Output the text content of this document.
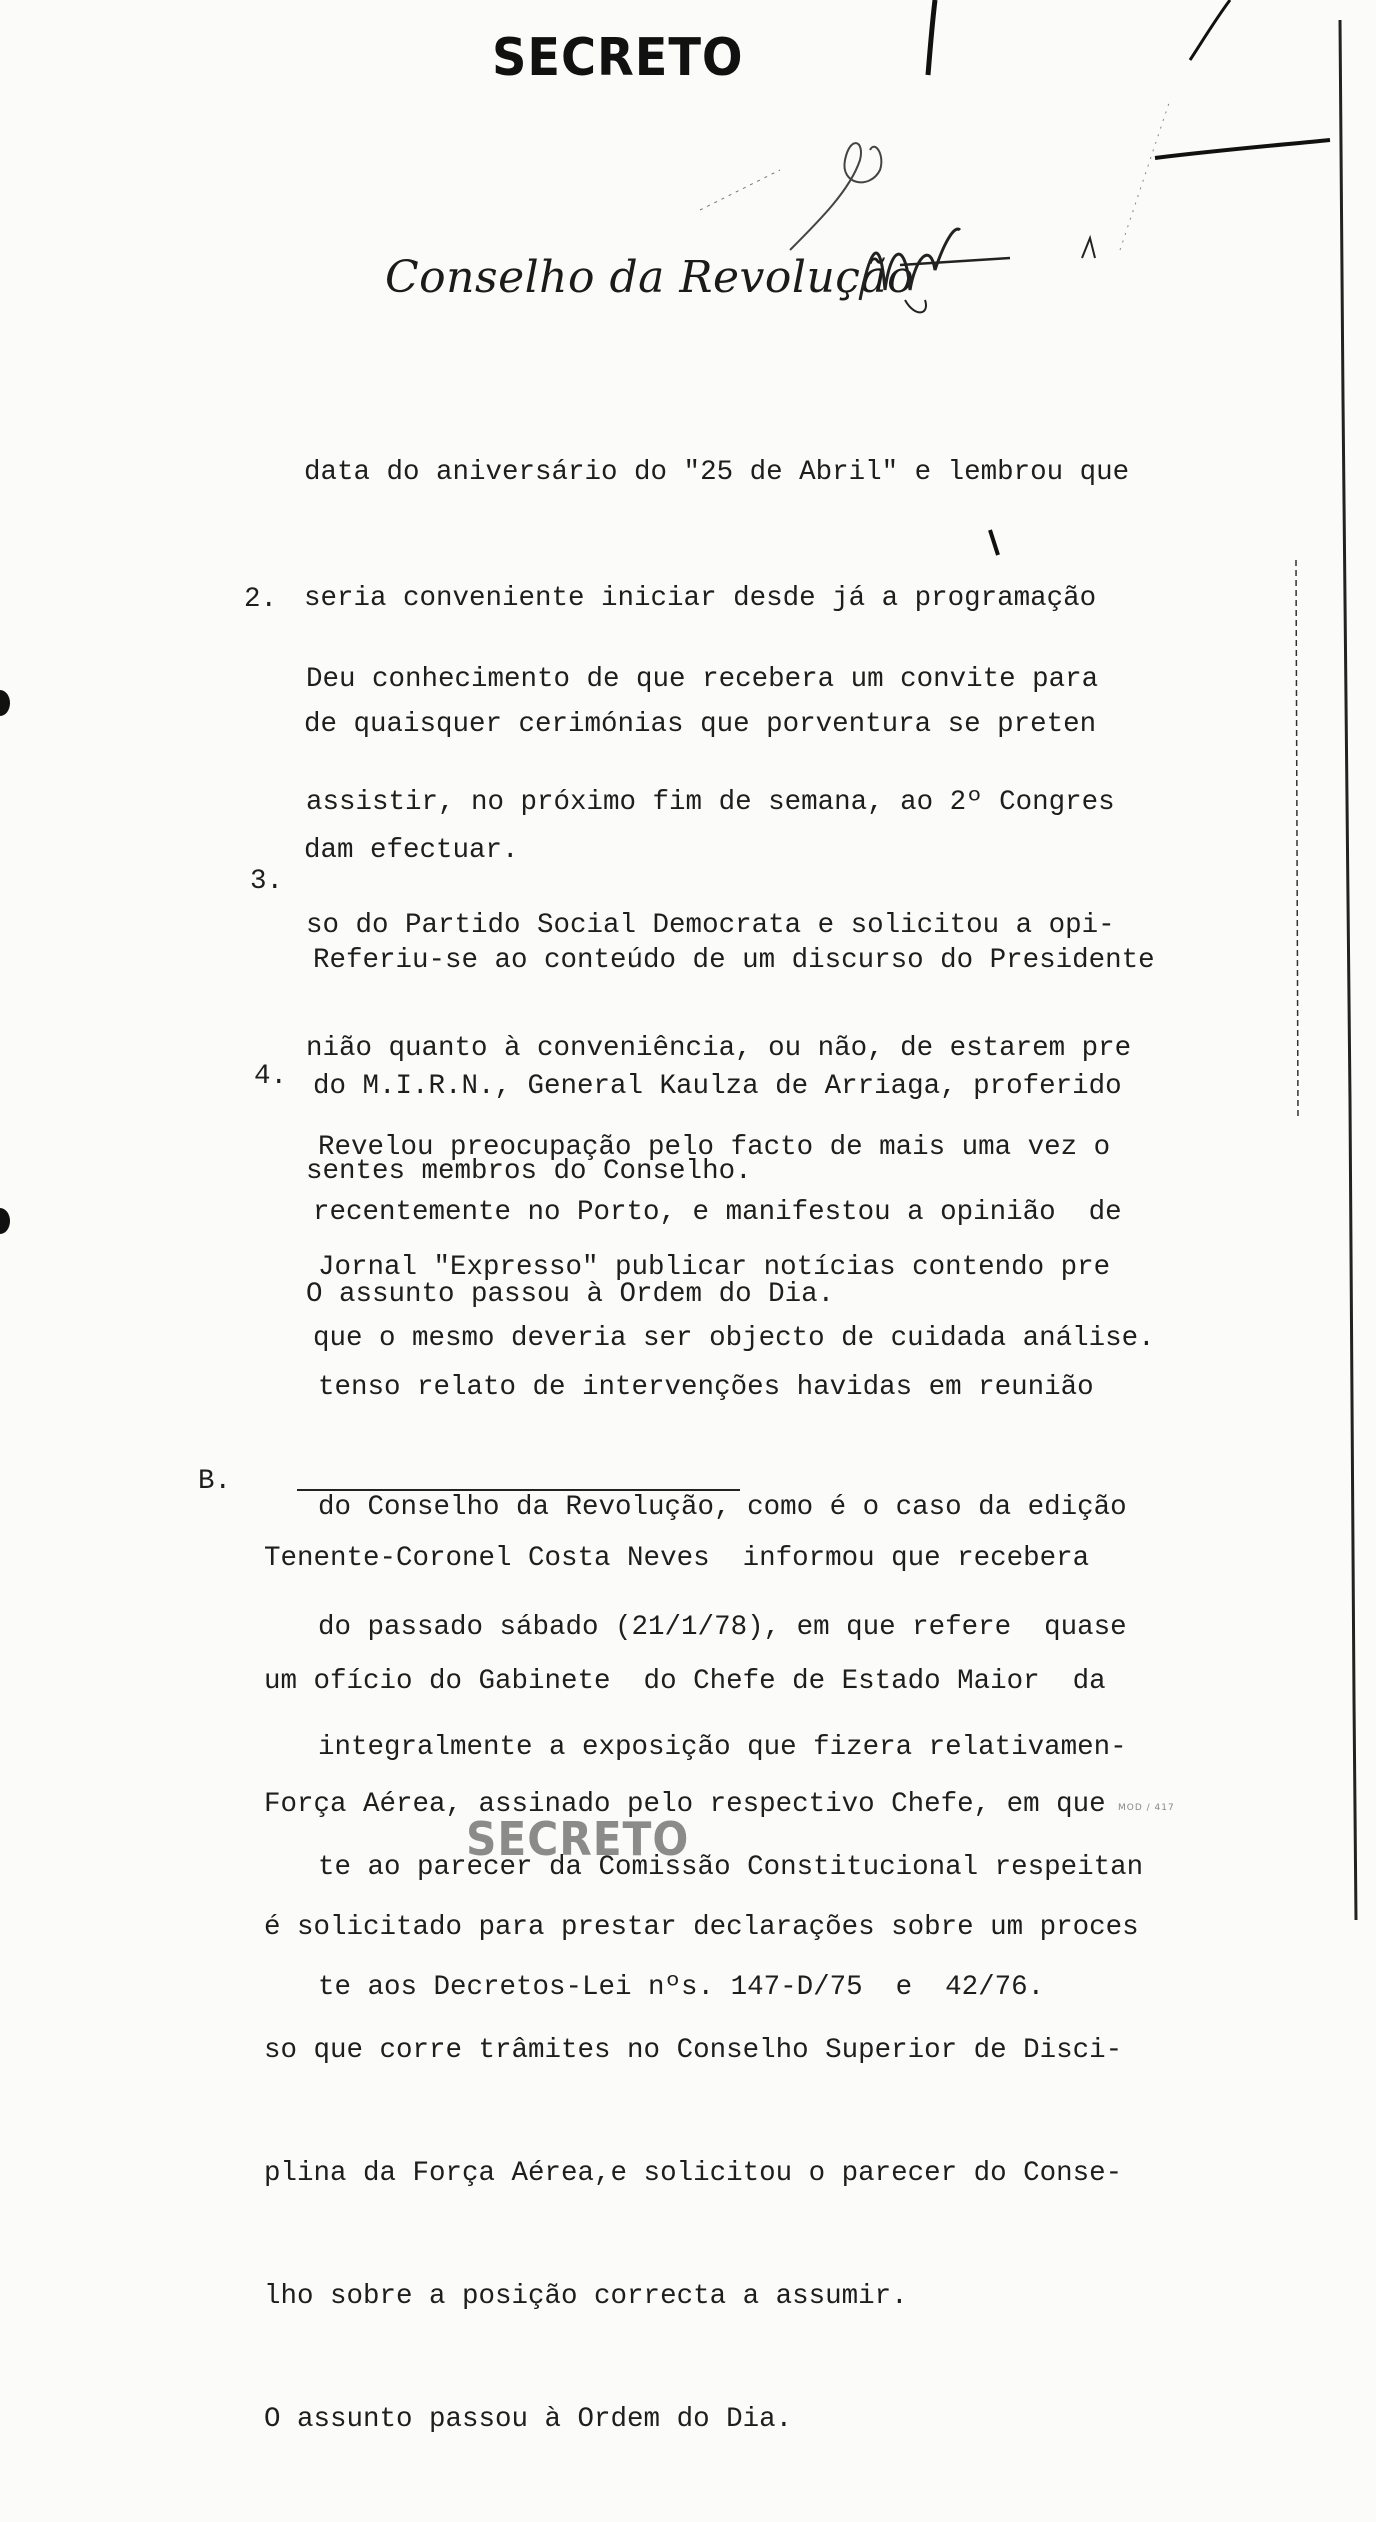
SECRETO
Conselho da Revolução

data do aniversário do "25 de Abril" e lembrou que

seria conveniente iniciar desde já a programação

de quaisquer cerimónias que porventura se preten

dam efectuar.

2.

Deu conhecimento de que recebera um convite para

assistir, no próximo fim de semana, ao 2º Congres

so do Partido Social Democrata e solicitou a opi-

nião quanto à conveniência, ou não, de estarem pre

sentes membros do Conselho.

O assunto passou à Ordem do Dia.

3.

Referiu-se ao conteúdo de um discurso do Presidente

do M.I.R.N., General Kaulza de Arriaga, proferido

recentemente no Porto, e manifestou a opinião  de

que o mesmo deveria ser objecto de cuidada análise.

4.

Revelou preocupação pelo facto de mais uma vez o

Jornal "Expresso" publicar notícias contendo pre

tenso relato de intervenções havidas em reunião

do Conselho da Revolução, como é o caso da edição

do passado sábado (21/1/78), em que refere  quase

integralmente a exposição que fizera relativamen-

te ao parecer da Comissão Constitucional respeitan

te aos Decretos-Lei nºs. 147-D/75  e  42/76.

B.

Tenente-Coronel Costa Neves  informou que recebera

um ofício do Gabinete  do Chefe de Estado Maior  da

Força Aérea, assinado pelo respectivo Chefe, em que

é solicitado para prestar declarações sobre um proces

so que corre trâmites no Conselho Superior de Disci-

plina da Força Aérea,e solicitou o parecer do Conse-

lho sobre a posição correcta a assumir.

O assunto passou à Ordem do Dia.

MOD / 417
SECRETO
